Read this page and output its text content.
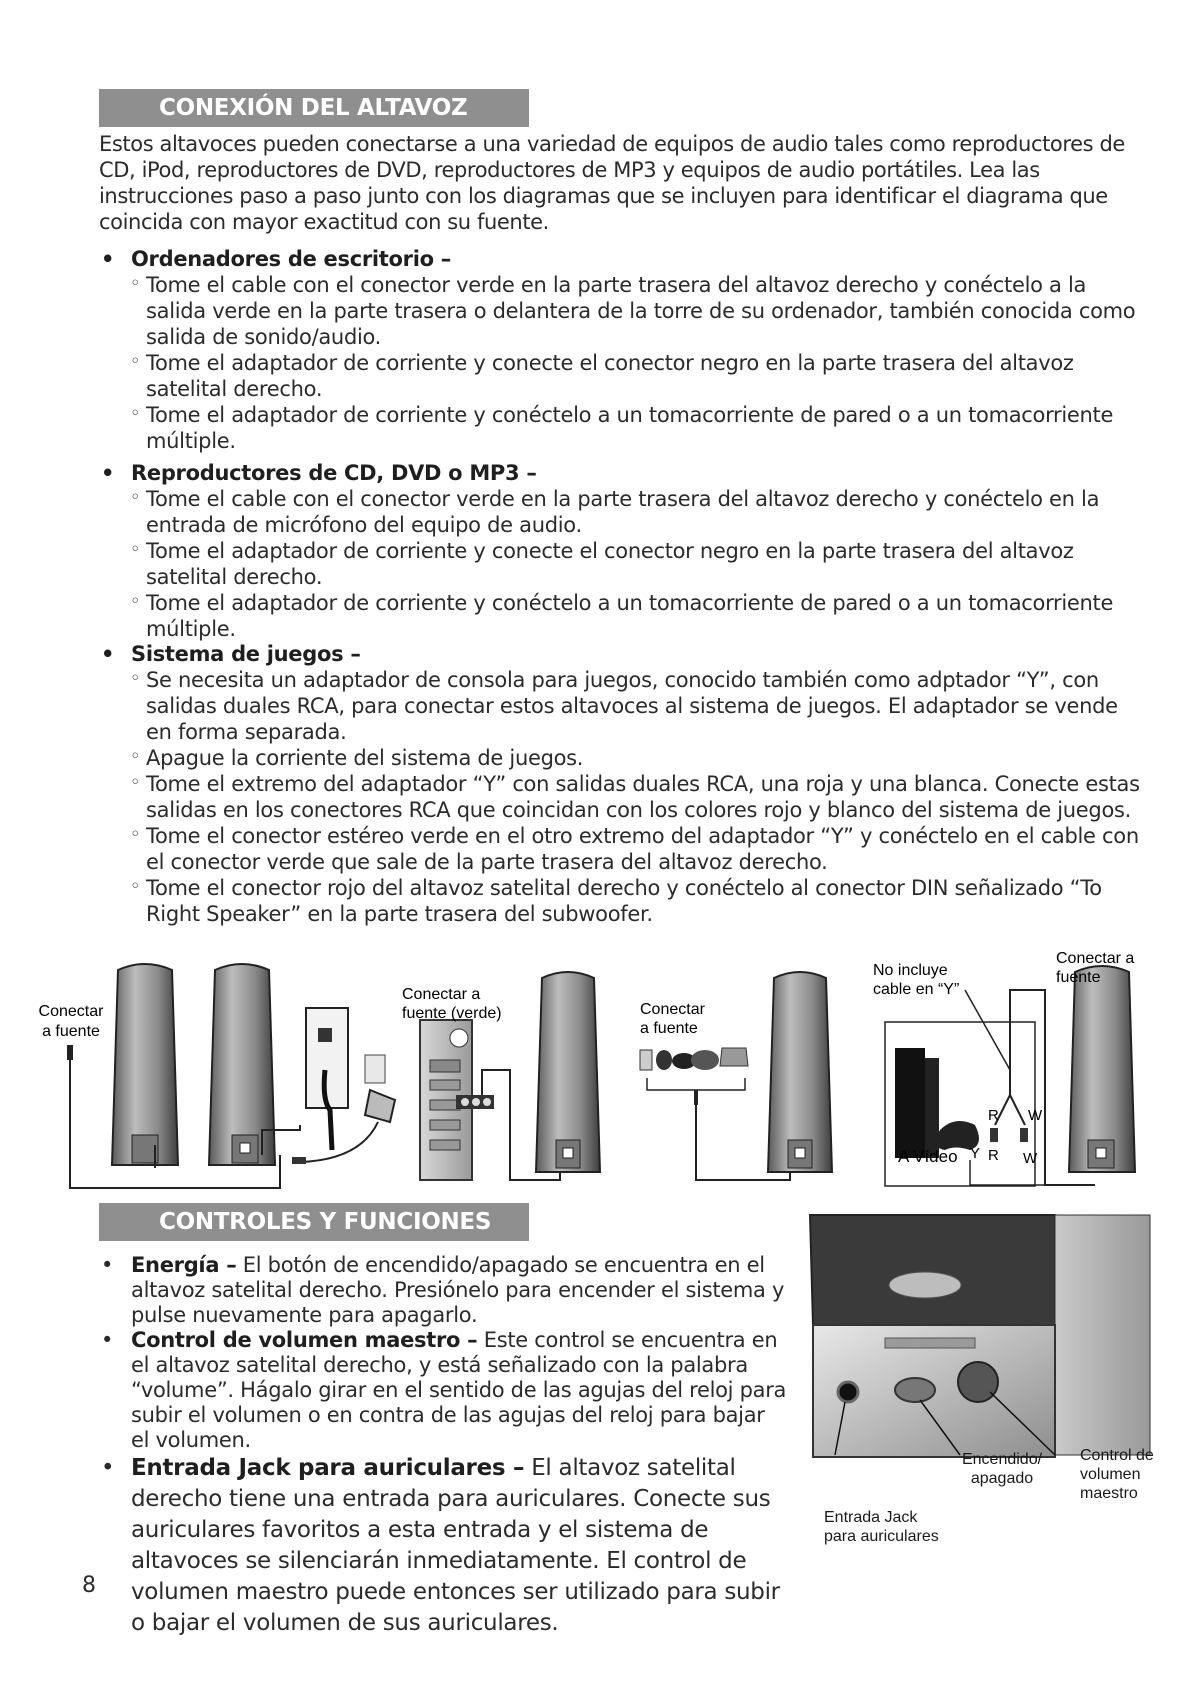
CONEXIÓN DEL ALTAVOZ
Estos altavoces pueden conectarse a una variedad de equipos de audio tales como reproductores de CD, iPod, reproductores de DVD, reproductores de MP3 y equipos de audio portátiles. Lea las instrucciones paso a paso junto con los diagramas que se incluyen para identificar el diagrama que coincida con mayor exactitud con su fuente.
• Ordenadores de escritorio –
◦ Tome el cable con el conector verde en la parte trasera del altavoz derecho y conéctelo a la salida verde en la parte trasera o delantera de la torre de su ordenador, también conocida como salida de sonido/audio.
◦ Tome el adaptador de corriente y conecte el conector negro en la parte trasera del altavoz satelital derecho.
◦ Tome el adaptador de corriente y conéctelo a un tomacorriente de pared o a un tomacorriente múltiple.
• Reproductores de CD, DVD o MP3 –
◦ Tome el cable con el conector verde en la parte trasera del altavoz derecho y conéctelo en la entrada de micrófono del equipo de audio.
◦ Tome el adaptador de corriente y conecte el conector negro en la parte trasera del altavoz satelital derecho.
◦ Tome el adaptador de corriente y conéctelo a un tomacorriente de pared o a un tomacorriente múltiple.
• Sistema de juegos –
◦ Se necesita un adaptador de consola para juegos, conocido también como adptador “Y”, con salidas duales RCA, para conectar estos altavoces al sistema de juegos. El adaptador se vende en forma separada.
◦ Apague la corriente del sistema de juegos.
◦ Tome el extremo del adaptador “Y” con salidas duales RCA, una roja y una blanca. Conecte estas salidas en los conectores RCA que coincidan con los colores rojo y blanco del sistema de juegos.
◦ Tome el conector estéreo verde en el otro extremo del adaptador “Y” y conéctelo en el cable con el conector verde que sale de la parte trasera del altavoz derecho.
◦ Tome el conector rojo del altavoz satelital derecho y conéctelo al conector DIN señalizado “To Right Speaker” en la parte trasera del subwoofer.
Conectar
a fuente
Conectar a
fuente (verde)	Conectar
a fuente
No incluye
cable en “Y”
Conectar a
fuente
A Vídeo Y
R W
R W
CONTROLES Y FUNCIONES
• Energía – El botón de encendido/apagado se encuentra en el altavoz satelital derecho. Presiónelo para encender el sistema y pulse nuevamente para apagarlo.
• Control de volumen maestro – Este control se encuentra en el altavoz satelital derecho, y está señalizado con la palabra “volume”. Hágalo girar en el sentido de las agujas del reloj para subir el volumen o en contra de las agujas del reloj para bajar el volumen.
• Entrada Jack para auriculares – El altavoz satelital derecho tiene una entrada para auriculares. Conecte sus auriculares favoritos a esta entrada y el sistema de altavoces se silenciarán inmediatamente. El control de volumen maestro puede entonces ser utilizado para subir o bajar el volumen de sus auriculares.
Encendido/
apagado
Control de
volumen
maestro
Entrada Jack
para auriculares
8
